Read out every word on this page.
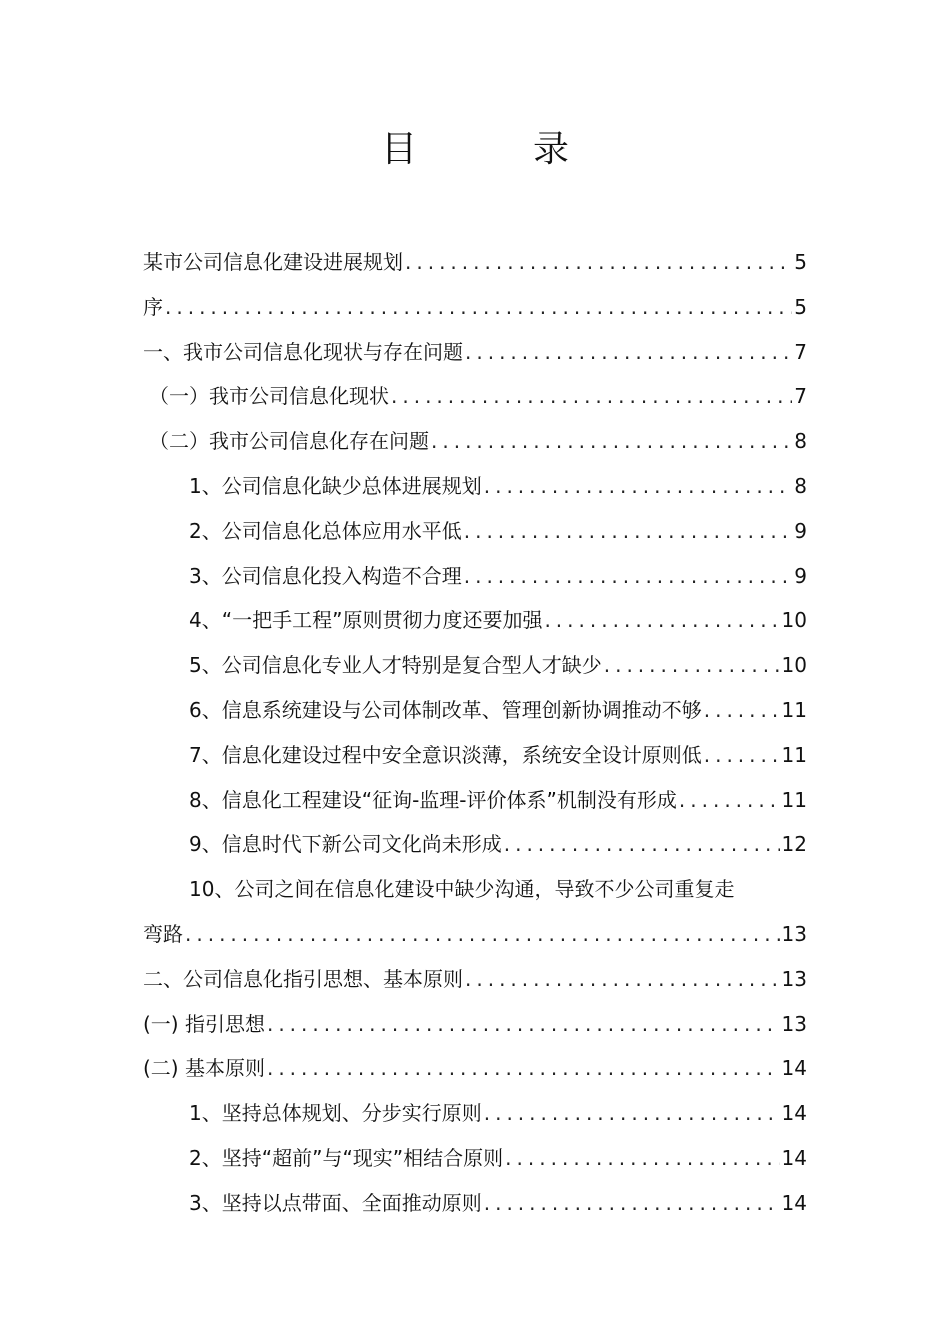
目　录
某市公司信息化建设进展规划 .....	5
序 .....	5
一、我市公司信息化现状与存在问题 .....	7
（一）我市公司信息化现状 .....	7
（二）我市公司信息化存在问题 .....	8
1、公司信息化缺少总体进展规划 .....	8
2、公司信息化总体应用水平低 .....	9
3、公司信息化投入构造不合理 .....	9
4、“一把手工程”原则贯彻力度还要加强 .....	10
5、公司信息化专业人才特别是复合型人才缺少 .....	10
6、信息系统建设与公司体制改革、管理创新协调推动不够 .....	11
7、信息化建设过程中安全意识淡薄，系统安全设计原则低 .....	11
8、信息化工程建设“征询-监理-评价体系”机制没有形成 .....	11
9、信息时代下新公司文化尚未形成 .....	12
10、公司之间在信息化建设中缺少沟通，导致不少公司重复走
弯路 .....	13
二、公司信息化指引思想、基本原则 .....	13
(一) 指引思想 .....	13
(二) 基本原则 .....	14
1、坚持总体规划、分步实行原则 .....	14
2、坚持“超前”与“现实”相结合原则 .....	14
3、坚持以点带面、全面推动原则 .....	14
